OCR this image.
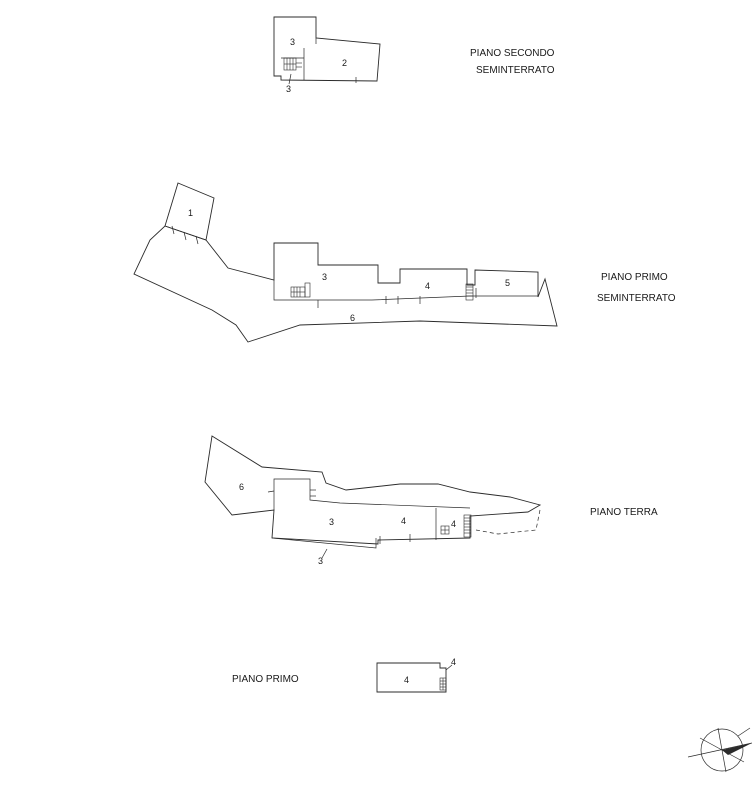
3
2
3
PIANO SECONDO
SEMINTERRATO
1
3
4	5
6
PIANO PRIMO
SEMINTERRATO
6
3	4	4
3
PIANO TERRA
4
4
PIANO PRIMO
